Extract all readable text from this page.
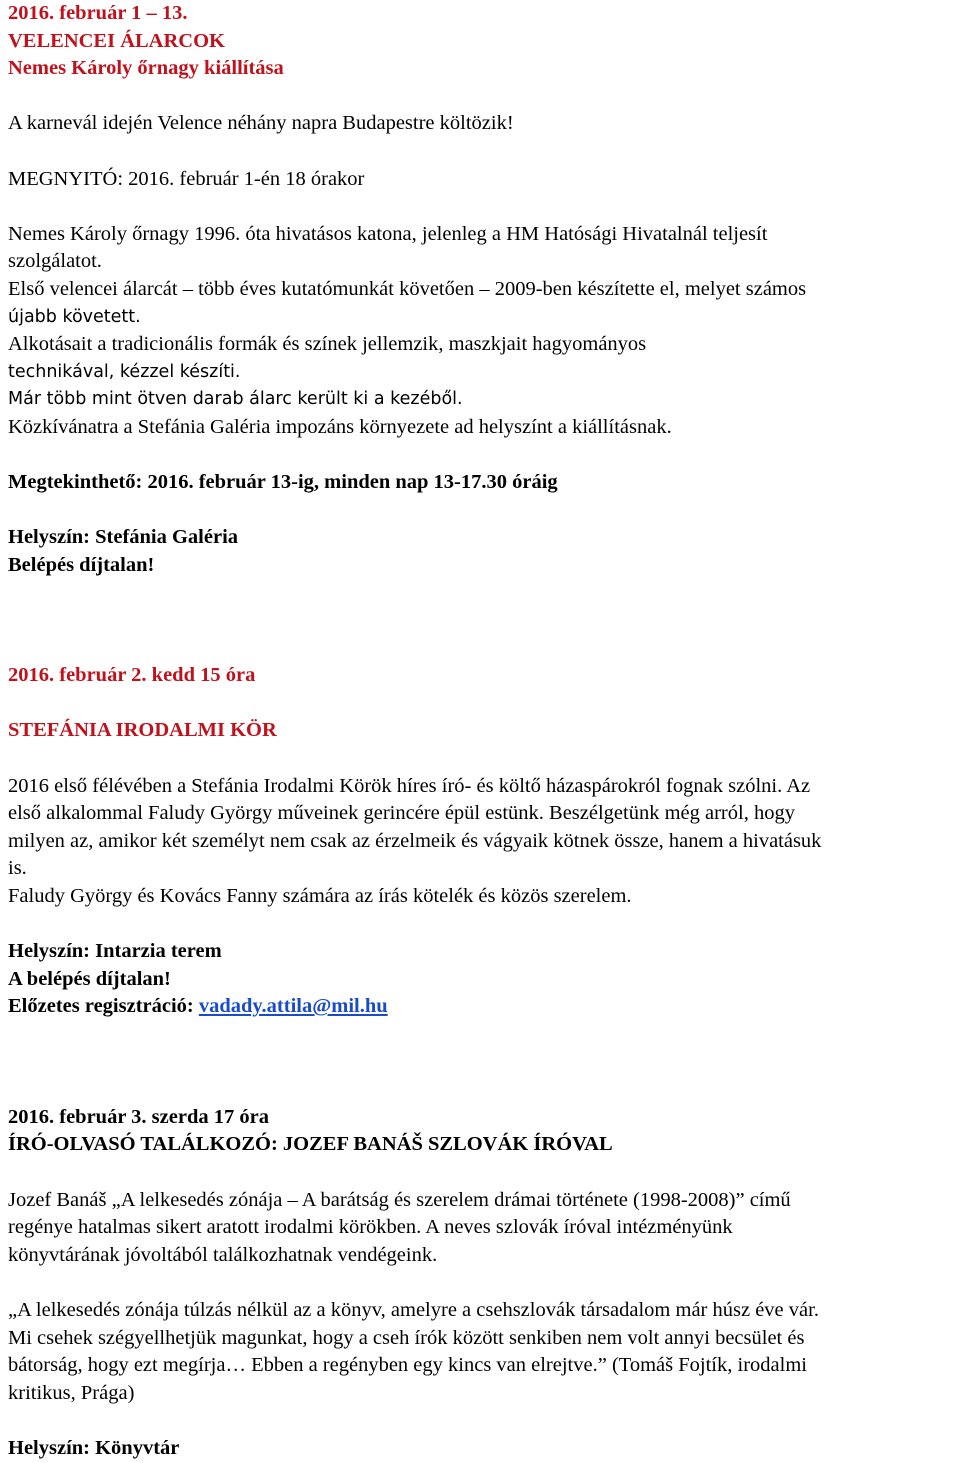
2016. február 1 – 13.

VELENCEI ÁLARCOK

Nemes Károly őrnagy kiállítása

A karnevál idején Velence néhány napra Budapestre költözik!

MEGNYITÓ: 2016. február 1-én 18 órakor

Nemes Károly őrnagy 1996. óta hivatásos katona, jelenleg a HM Hatósági Hivatalnál teljesít
szolgálatot.
Első velencei álarcát – több éves kutatómunkát követően – 2009-ben készítette el, melyet számos
újabb követett.
Alkotásait a tradicionális formák és színek jellemzik, maszkjait hagyományos
technikával, kézzel készíti.
Már több mint ötven darab álarc került ki a kezéből.
Közkívánatra a Stefánia Galéria impozáns környezete ad helyszínt a kiállításnak.

Megtekinthető: 2016. február 13-ig, minden nap 13-17.30 óráig

Helyszín: Stefánia Galéria

Belépés díjtalan!

2016. február 2. kedd 15 óra

STEFÁNIA IRODALMI KÖR

2016 első félévében a Stefánia Irodalmi Körök híres író- és költő házaspárokról fognak szólni. Az
első alkalommal Faludy György műveinek gerincére épül estünk. Beszélgetünk még arról, hogy
milyen az, amikor két személyt nem csak az érzelmeik és vágyaik kötnek össze, hanem a hivatásuk
is.
Faludy György és Kovács Fanny számára az írás kötelék és közös szerelem.

Helyszín: Intarzia terem

A belépés díjtalan!

Előzetes regisztráció: vadady.attila@mil.hu

2016. február 3. szerda 17 óra

ÍRÓ-OLVASÓ TALÁLKOZÓ: JOZEF BANÁŠ SZLOVÁK ÍRÓVAL

Jozef Banáš „A lelkesedés zónája – A barátság és szerelem drámai története (1998-2008)” című
regénye hatalmas sikert aratott irodalmi körökben. A neves szlovák íróval intézményünk
könyvtárának jóvoltából találkozhatnak vendégeink.
„A lelkesedés zónája túlzás nélkül az a könyv, amelyre a csehszlovák társadalom már húsz éve vár.
Mi csehek szégyellhetjük magunkat, hogy a cseh írók között senkiben nem volt annyi becsület és
bátorság, hogy ezt megírja… Ebben a regényben egy kincs van elrejtve.” (Tomáš Fojtík, irodalmi
kritikus, Prága)

Helyszín: Könyvtár
